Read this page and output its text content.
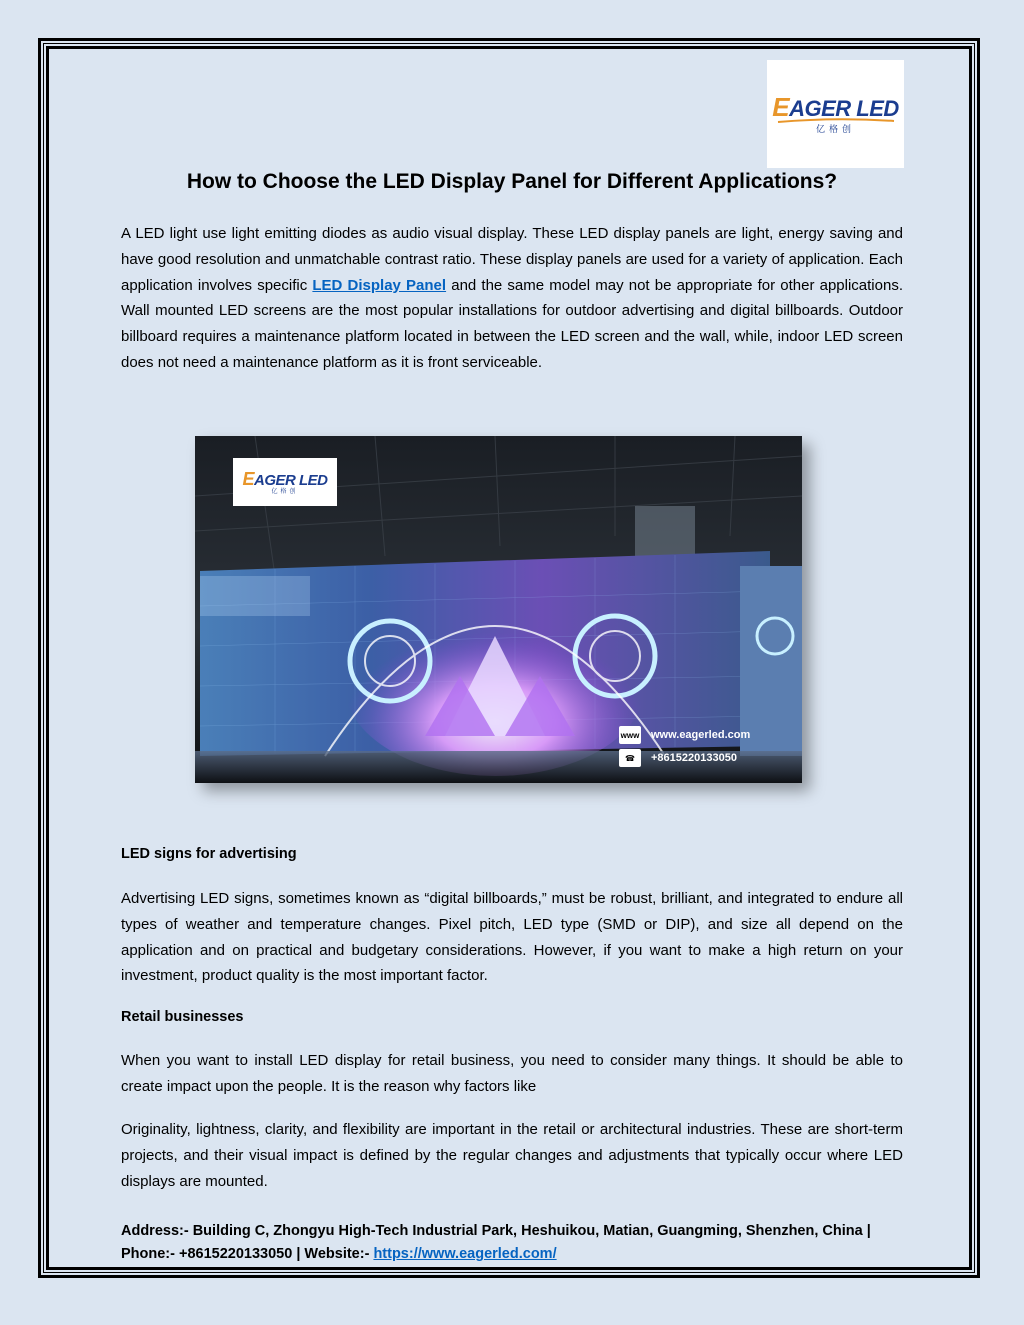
EAGER LED
亿格创
How to Choose the LED Display Panel for Different Applications?

A LED light use light emitting diodes as audio visual display. These LED display panels are light, energy saving and have good resolution and unmatchable contrast ratio. These display panels are used for a variety of application. Each application involves specific LED Display Panel and the same model may not be appropriate for other applications. Wall mounted LED screens are the most popular installations for outdoor advertising and digital billboards. Outdoor billboard requires a maintenance platform located in between the LED screen and the wall, while, indoor LED screen does not need a maintenance platform as it is front serviceable.

EAGER LED
亿格创
www www.eagerled.com
☎	+8615220133050

LED signs for advertising

Advertising LED signs, sometimes known as “digital billboards,” must be robust, brilliant, and integrated to endure all types of weather and temperature changes. Pixel pitch, LED type (SMD or DIP), and size all depend on the application and on practical and budgetary considerations. However, if you want to make a high return on your investment, product quality is the most important factor.

Retail businesses

When you want to install LED display for retail business, you need to consider many things. It should be able to create impact upon the people. It is the reason why factors like

Originality, lightness, clarity, and flexibility are important in the retail or architectural industries. These are short-term projects, and their visual impact is defined by the regular changes and adjustments that typically occur where LED displays are mounted.

Address:- Building C, Zhongyu High-Tech Industrial Park, Heshuikou, Matian, Guangming, Shenzhen, China | Phone:- +8615220133050 | Website:- https://www.eagerled.com/
